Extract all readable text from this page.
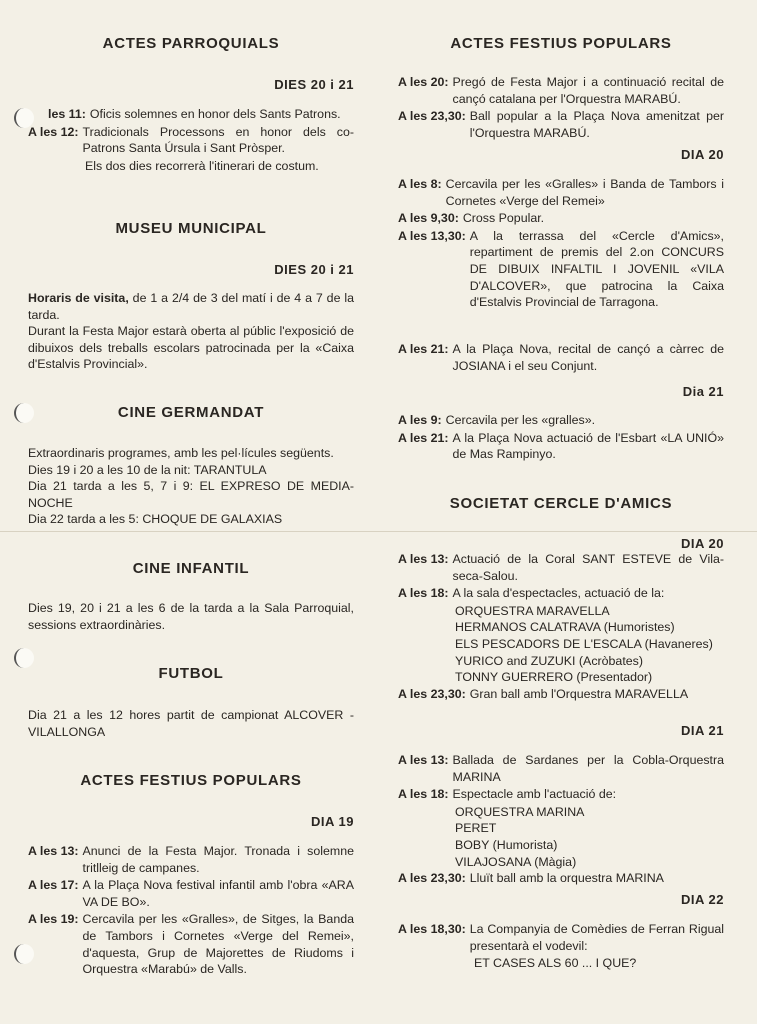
ACTES PARROQUIALS
DIES 20 i 21
les 11: Oficis solemnes en honor dels Sants Patrons.
A les 12: Tradicionals Processons en honor dels co-Patrons Santa Úrsula i Sant Pròsper.
Els dos dies recorrerà l'itinerari de costum.
MUSEU MUNICIPAL
DIES 20 i 21

Horaris de visita, de 1 a 2/4 de 3 del matí i de 4 a 7 de la tarda.

Durant la Festa Major estarà oberta al públic l'exposició de dibuixos dels treballs escolars patrocinada per la «Caixa d'Estalvis Provincial».

CINE GERMANDAT

Extraordinaris programes, amb les pel·lícules següents.

Dies 19 i 20 a les 10 de la nit: TARANTULA

Dia 21 tarda a les 5, 7 i 9: EL EXPRESO DE MEDIA-NOCHE

Dia 22 tarda a les 5: CHOQUE DE GALAXIAS

CINE INFANTIL

Dies 19, 20 i 21 a les 6 de la tarda a la Sala Parroquial, sessions extraordinàries.

FUTBOL

Dia 21 a les 12 hores partit de campionat ALCOVER -VILALLONGA

ACTES FESTIUS POPULARS
DIA 19
A les 13: Anunci de la Festa Major. Tronada i solemne tritlleig de campanes.
A les 17: A la Plaça Nova festival infantil amb l'obra «ARA VA DE BO».
A les 19: Cercavila per les «Gralles», de Sitges, la Banda de Tambors i Cornetes «Verge del Remei», d'aquesta, Grup de Majorettes de Riudoms i Orquestra «Marabú» de Valls.
ACTES FESTIUS POPULARS
A les 20: Pregó de Festa Major i a continuació recital de cançó catalana per l'Orquestra MARABÚ.
A les 23,30: Ball popular a la Plaça Nova amenitzat per l'Orquestra MARABÚ.
DIA 20
A les 8: Cercavila per les «Gralles» i Banda de Tambors i Cornetes «Verge del Remei»
A les 9,30: Cross Popular.
A les 13,30: A la terrassa del «Cercle d'Amics», repartiment de premis del 2.on CONCURS DE DIBUIX INFALTIL I JOVENIL «VILA D'ALCOVER», que patrocina la Caixa d'Estalvis Provincial de Tarragona.
A les 21: A la Plaça Nova, recital de cançó a càrrec de JOSIANA i el seu Conjunt.
Dia 21
A les 9: Cercavila per les «gralles».
A les 21: A la Plaça Nova actuació de l'Esbart «LA UNIÓ» de Mas Rampinyo.
SOCIETAT CERCLE D'AMICS
DIA 20
A les 13: Actuació de la Coral SANT ESTEVE de Vila-seca-Salou.
A les 18: A la sala d'espectacles, actuació de la:
ORQUESTRA MARAVELLA
HERMANOS CALATRAVA (Humoristes)
ELS PESCADORS DE L'ESCALA (Havaneres)
YURICO and ZUZUKI (Acròbates)
TONNY GUERRERO (Presentador)
A les 23,30: Gran ball amb l'Orquestra MARAVELLA
DIA 21
A les 13: Ballada de Sardanes per la Cobla-Orquestra MARINA
A les 18: Espectacle amb l'actuació de:
ORQUESTRA MARINA
PERET
BOBY (Humorista)
VILAJOSANA (Màgia)
A les 23,30: Lluït ball amb la orquestra MARINA
DIA 22
A les 18,30: La Companyia de Comèdies de Ferran Rigual presentarà el vodevil:
ET CASES ALS 60 ... I QUE?
